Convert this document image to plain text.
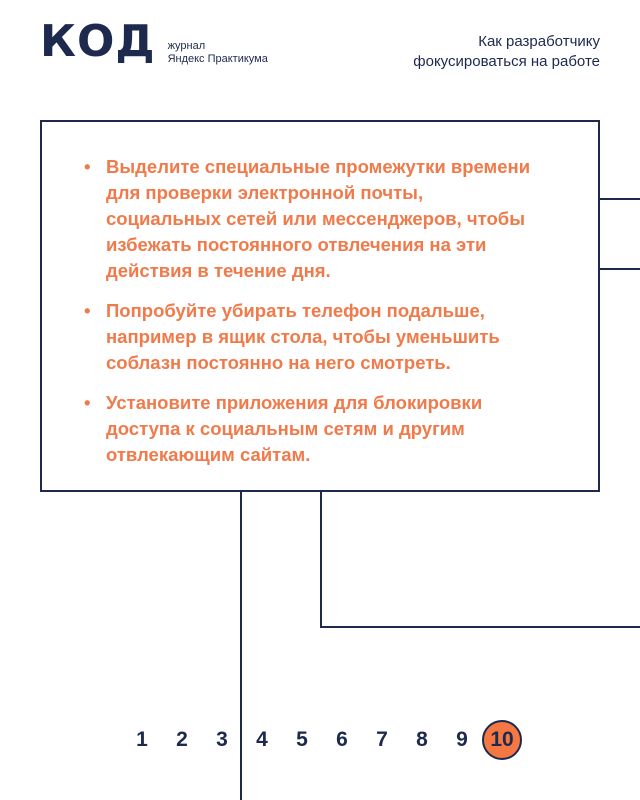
КОД журнал
Яндекс Практикума
Как разработчику
фокусироваться на работе
• Выделите специальные промежутки времени для проверки электронной почты, социальных сетей или мессенджеров, чтобы избежать постоянного отвлечения на эти действия в течение дня.
• Попробуйте убирать телефон подальше, например в ящик стола, чтобы уменьшить соблазн постоянно на него смотреть.
• Установите приложения для блокировки доступа к социальным сетям и другим отвлекающим сайтам.
1	2	3	4	5	6	7	8	9	10
